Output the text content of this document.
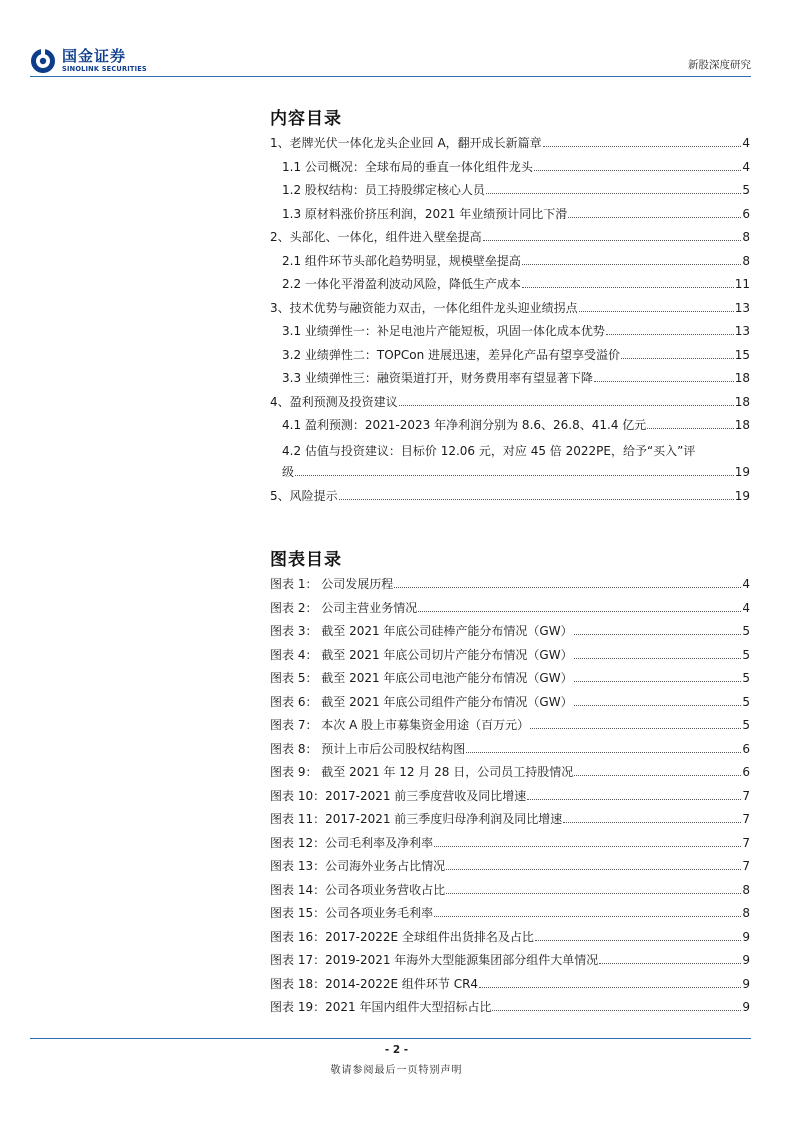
国金证券
SINOLINK SECURITIES	新股深度研究
内容目录
1、老牌光伏一体化龙头企业回 A，翻开成长新篇章	4
1.1 公司概况：全球布局的垂直一体化组件龙头	4
1.2 股权结构：员工持股绑定核心人员	5
1.3 原材料涨价挤压利润，2021 年业绩预计同比下滑	6
2、头部化、一体化，组件进入壁垒提高	8
2.1 组件环节头部化趋势明显，规模壁垒提高	8
2.2 一体化平滑盈利波动风险，降低生产成本	11
3、技术优势与融资能力双击，一体化组件龙头迎业绩拐点	13
3.1 业绩弹性一：补足电池片产能短板，巩固一体化成本优势	13
3.2 业绩弹性二：TOPCon 进展迅速，差异化产品有望享受溢价	15
3.3 业绩弹性三：融资渠道打开，财务费用率有望显著下降	18
4、盈利预测及投资建议	18
4.1 盈利预测：2021-2023 年净利润分别为 8.6、26.8、41.4 亿元	18
4.2 估值与投资建议：目标价 12.06 元，对应 45 倍 2022PE，给予“买入”评
级	19
5、风险提示	19
图表目录
图表 1： 公司发展历程	4
图表 2： 公司主营业务情况	4
图表 3： 截至 2021 年底公司硅棒产能分布情况（GW）	5
图表 4： 截至 2021 年底公司切片产能分布情况（GW）	5
图表 5： 截至 2021 年底公司电池产能分布情况（GW）	5
图表 6： 截至 2021 年底公司组件产能分布情况（GW）	5
图表 7： 本次 A 股上市募集资金用途（百万元）	5
图表 8： 预计上市后公司股权结构图	6
图表 9： 截至 2021 年 12 月 28 日，公司员工持股情况	6
图表 10：2017-2021 前三季度营收及同比增速	7
图表 11：2017-2021 前三季度归母净利润及同比增速	7
图表 12：公司毛利率及净利率	7
图表 13：公司海外业务占比情况	7
图表 14：公司各项业务营收占比	8
图表 15：公司各项业务毛利率	8
图表 16：2017-2022E 全球组件出货排名及占比	9
图表 17：2019-2021 年海外大型能源集团部分组件大单情况	9
图表 18：2014-2022E 组件环节 CR4	9
图表 19：2021 年国内组件大型招标占比	9
- 2 -
敬请参阅最后一页特别声明
